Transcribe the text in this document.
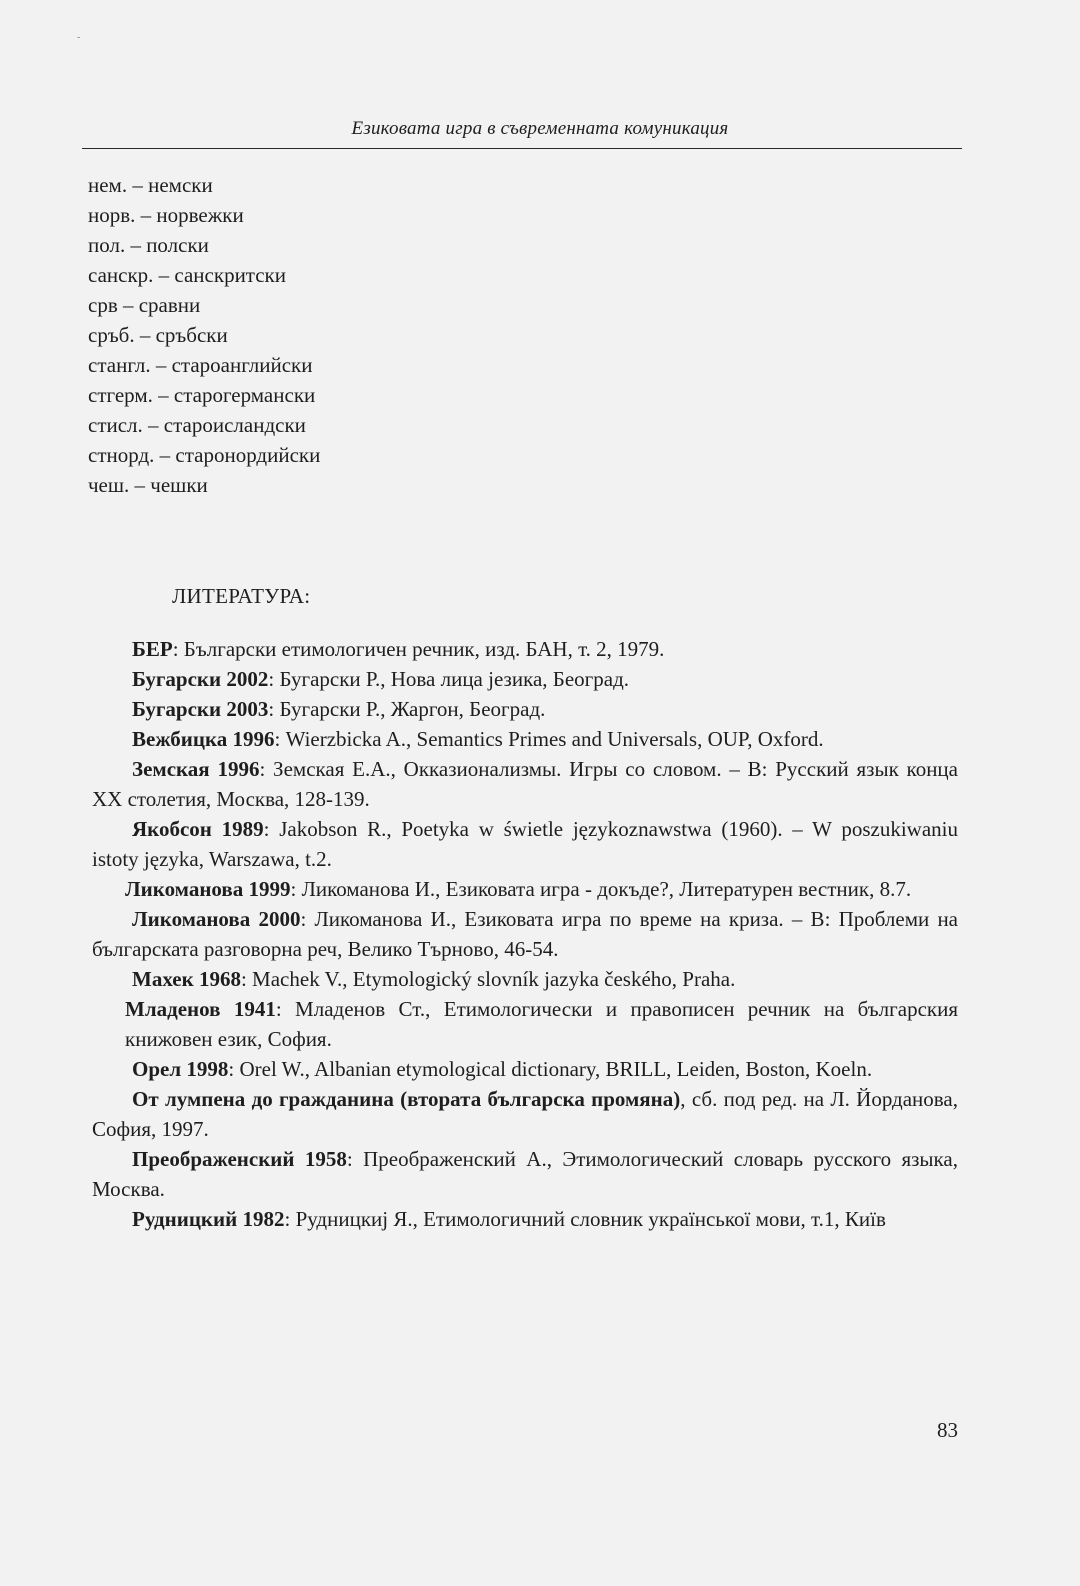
-
Езиковата игра в съвременната комуникация
нем. – немски
норв. – норвежки
пол. – полски
санскр. – санскритски
срв – сравни
сръб. – сръбски
стангл. – староанглийски
стгерм. – старогермански
стисл. – староисландски
стнорд. – старонордийски
чеш. – чешки
ЛИТЕРАТУРА:

БЕР: Български етимологичен речник, изд. БАН, т. 2, 1979.

Бугарски 2002: Бугарски Р., Нова лица језика, Београд.

Бугарски 2003: Бугарски Р., Жаргон, Београд.

Вежбицка 1996: Wierzbicka A., Semantics Primes and Universals, OUP, Oxford.

Земская 1996: Земская Е.А., Окказионализмы. Игры со словом. – В: Русский язык конца ХХ столетия, Москва, 128-139.

Якобсон 1989: Jakobson R., Poetyka w świetle językoznawstwa (1960). – W poszukiwaniu istoty języka, Warszawa, t.2.

Ликоманова 1999: Ликоманова И., Езиковата игра - докъде?, Литературен вестник, 8.7.

Ликоманова 2000: Ликоманова И., Езиковата игра по време на криза. – В: Проблеми на българската разговорна реч, Велико Търново, 46-54.

Махек 1968: Machek V., Etymologický slovník jazyka českého, Praha.

Младенов 1941: Младенов Ст., Етимологически и правописен речник на българския книжовен език, София.

Орел 1998: Orel W., Albanian etymological dictionary, BRILL, Leiden, Boston, Koeln.

От лумпена до гражданина (втората българска промяна), сб. под ред. на Л. Йорданова, София, 1997.

Преображенский 1958: Преображенский А., Этимологический словарь русского языка, Москва.

Рудницкий 1982: Рудницкиј Я., Етимологичний словник української мови, т.1, Київ

83
